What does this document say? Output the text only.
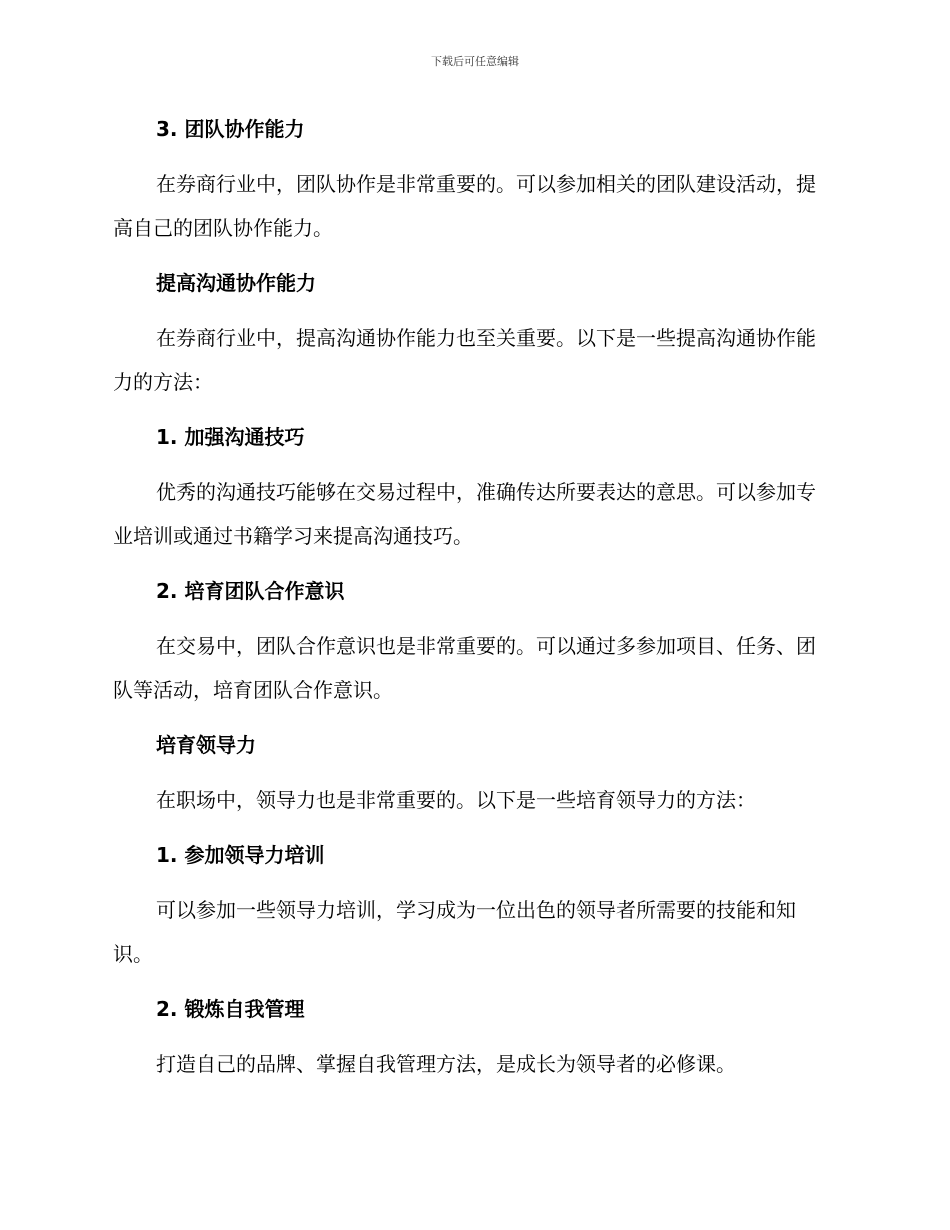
下载后可任意编辑

3. 团队协作能力

在券商行业中，团队协作是非常重要的。可以参加相关的团队建设活动，提高自己的团队协作能力。

提高沟通协作能力

在券商行业中，提高沟通协作能力也至关重要。以下是一些提高沟通协作能力的方法：

1. 加强沟通技巧

优秀的沟通技巧能够在交易过程中，准确传达所要表达的意思。可以参加专业培训或通过书籍学习来提高沟通技巧。

2. 培育团队合作意识

在交易中，团队合作意识也是非常重要的。可以通过多参加项目、任务、团队等活动，培育团队合作意识。

培育领导力

在职场中，领导力也是非常重要的。以下是一些培育领导力的方法：

1. 参加领导力培训

可以参加一些领导力培训，学习成为一位出色的领导者所需要的技能和知识。

2. 锻炼自我管理

打造自己的品牌、掌握自我管理方法，是成长为领导者的必修课。
